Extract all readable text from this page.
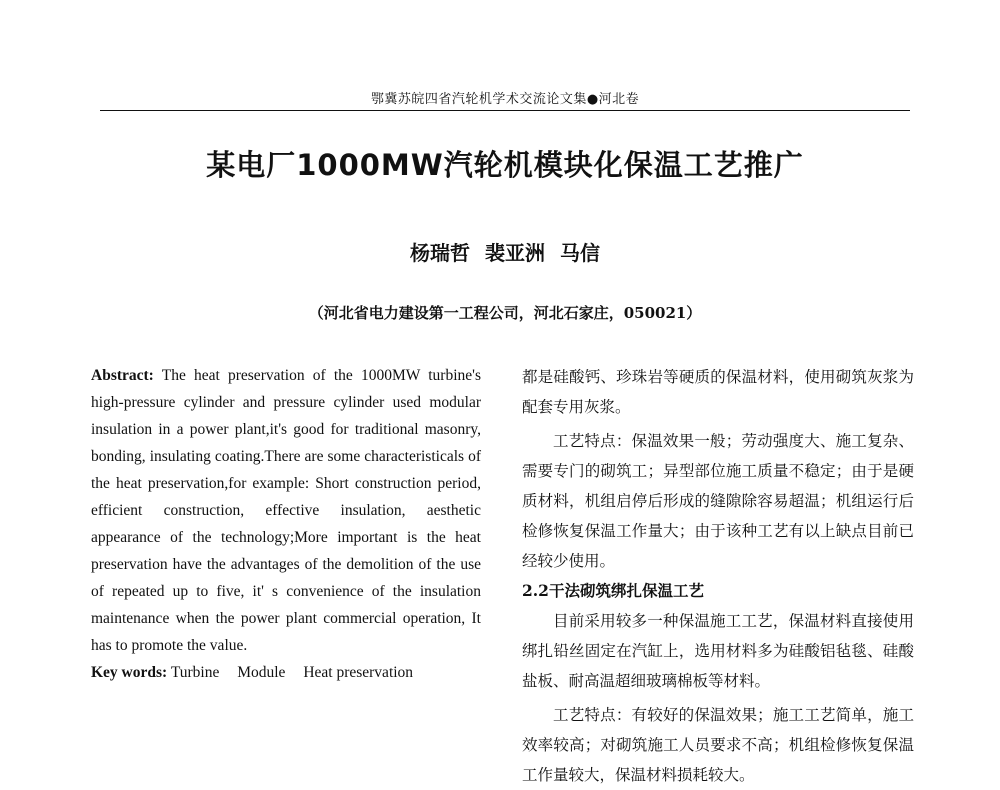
鄂冀苏皖四省汽轮机学术交流论文集●河北卷
某电厂1000MW汽轮机模块化保温工艺推广
杨瑞哲 裴亚洲 马信
（河北省电力建设第一工程公司，河北石家庄，050021）
Abstract: The heat preservation of the 1000MW turbine's high-pressure cylinder and pressure cylinder used modular insulation in a power plant,it's good for traditional masonry, bonding, insulating coating.There are some characteristicals of the heat preservation,for example: Short construction period, efficient construction, effective insulation, aesthetic appearance of the technology;More important is the heat preservation have the advantages of the demolition of the use of repeated up to five, it' s convenience of the insulation maintenance when the power plant commercial operation, It has to promote the value.
Key words: Turbine Module Heat preservation

都是硅酸钙、珍珠岩等硬质的保温材料，使用砌筑灰浆为配套专用灰浆。

工艺特点：保温效果一般；劳动强度大、施工复杂、需要专门的砌筑工；异型部位施工质量不稳定；由于是硬质材料，机组启停后形成的缝隙除容易超温；机组运行后检修恢复保温工作量大；由于该种工艺有以上缺点目前已经较少使用。

2.2干法砌筑绑扎保温工艺

目前采用较多一种保温施工工艺，保温材料直接使用绑扎铅丝固定在汽缸上，选用材料多为硅酸铝毡毯、硅酸盐板、耐高温超细玻璃棉板等材料。

工艺特点：有较好的保温效果；施工工艺简单，施工效率较高；对砌筑施工人员要求不高；机组检修恢复保温工作量较大，保温材料损耗较大。
